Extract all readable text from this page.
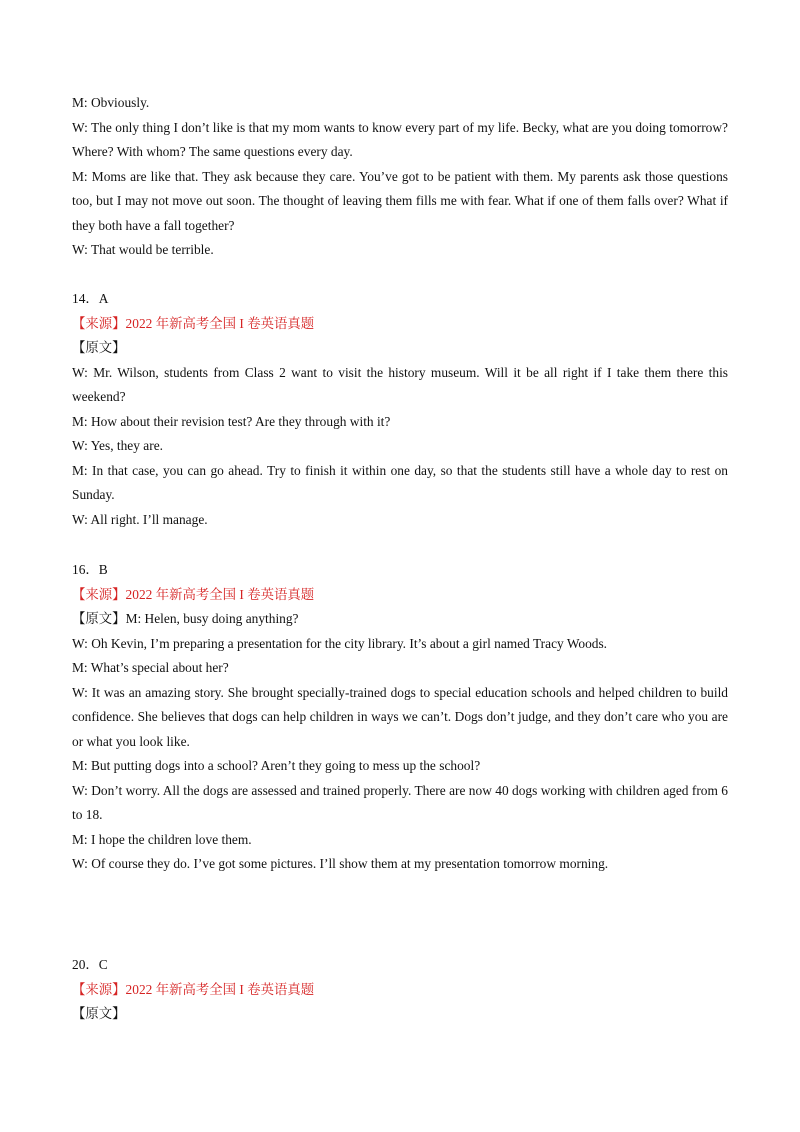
M: Obviously.

W: The only thing I don’t like is that my mom wants to know every part of my life. Becky, what are you doing tomorrow? Where? With whom? The same questions every day.

M: Moms are like that. They ask because they care. You’ve got to be patient with them. My parents ask those questions too, but I may not move out soon. The thought of leaving them fills me with fear. What if one of them falls over? What if they both have a fall together?

W: That would be terrible.

14．A

【来源】2022 年新高考全国 I 卷英语真题

【原文】

W: Mr. Wilson, students from Class 2 want to visit the history museum. Will it be all right if I take them there this weekend?

M: How about their revision test? Are they through with it?

W: Yes, they are.

M: In that case, you can go ahead. Try to finish it within one day, so that the students still have a whole day to rest on Sunday.

W: All right. I’ll manage.

16．B

【来源】2022 年新高考全国 I 卷英语真题

【原文】M: Helen, busy doing anything?

W: Oh Kevin, I’m preparing a presentation for the city library. It’s about a girl named Tracy Woods.

M: What’s special about her?

W: It was an amazing story. She brought specially-trained dogs to special education schools and helped children to build confidence. She believes that dogs can help children in ways we can’t. Dogs don’t judge, and they don’t care who you are or what you look like.

M: But putting dogs into a school? Aren’t they going to mess up the school?

W: Don’t worry. All the dogs are assessed and trained properly. There are now 40 dogs working with children aged from 6 to 18.

M: I hope the children love them.

W: Of course they do. I’ve got some pictures. I’ll show them at my presentation tomorrow morning.

20．C

【来源】2022 年新高考全国 I 卷英语真题

【原文】
